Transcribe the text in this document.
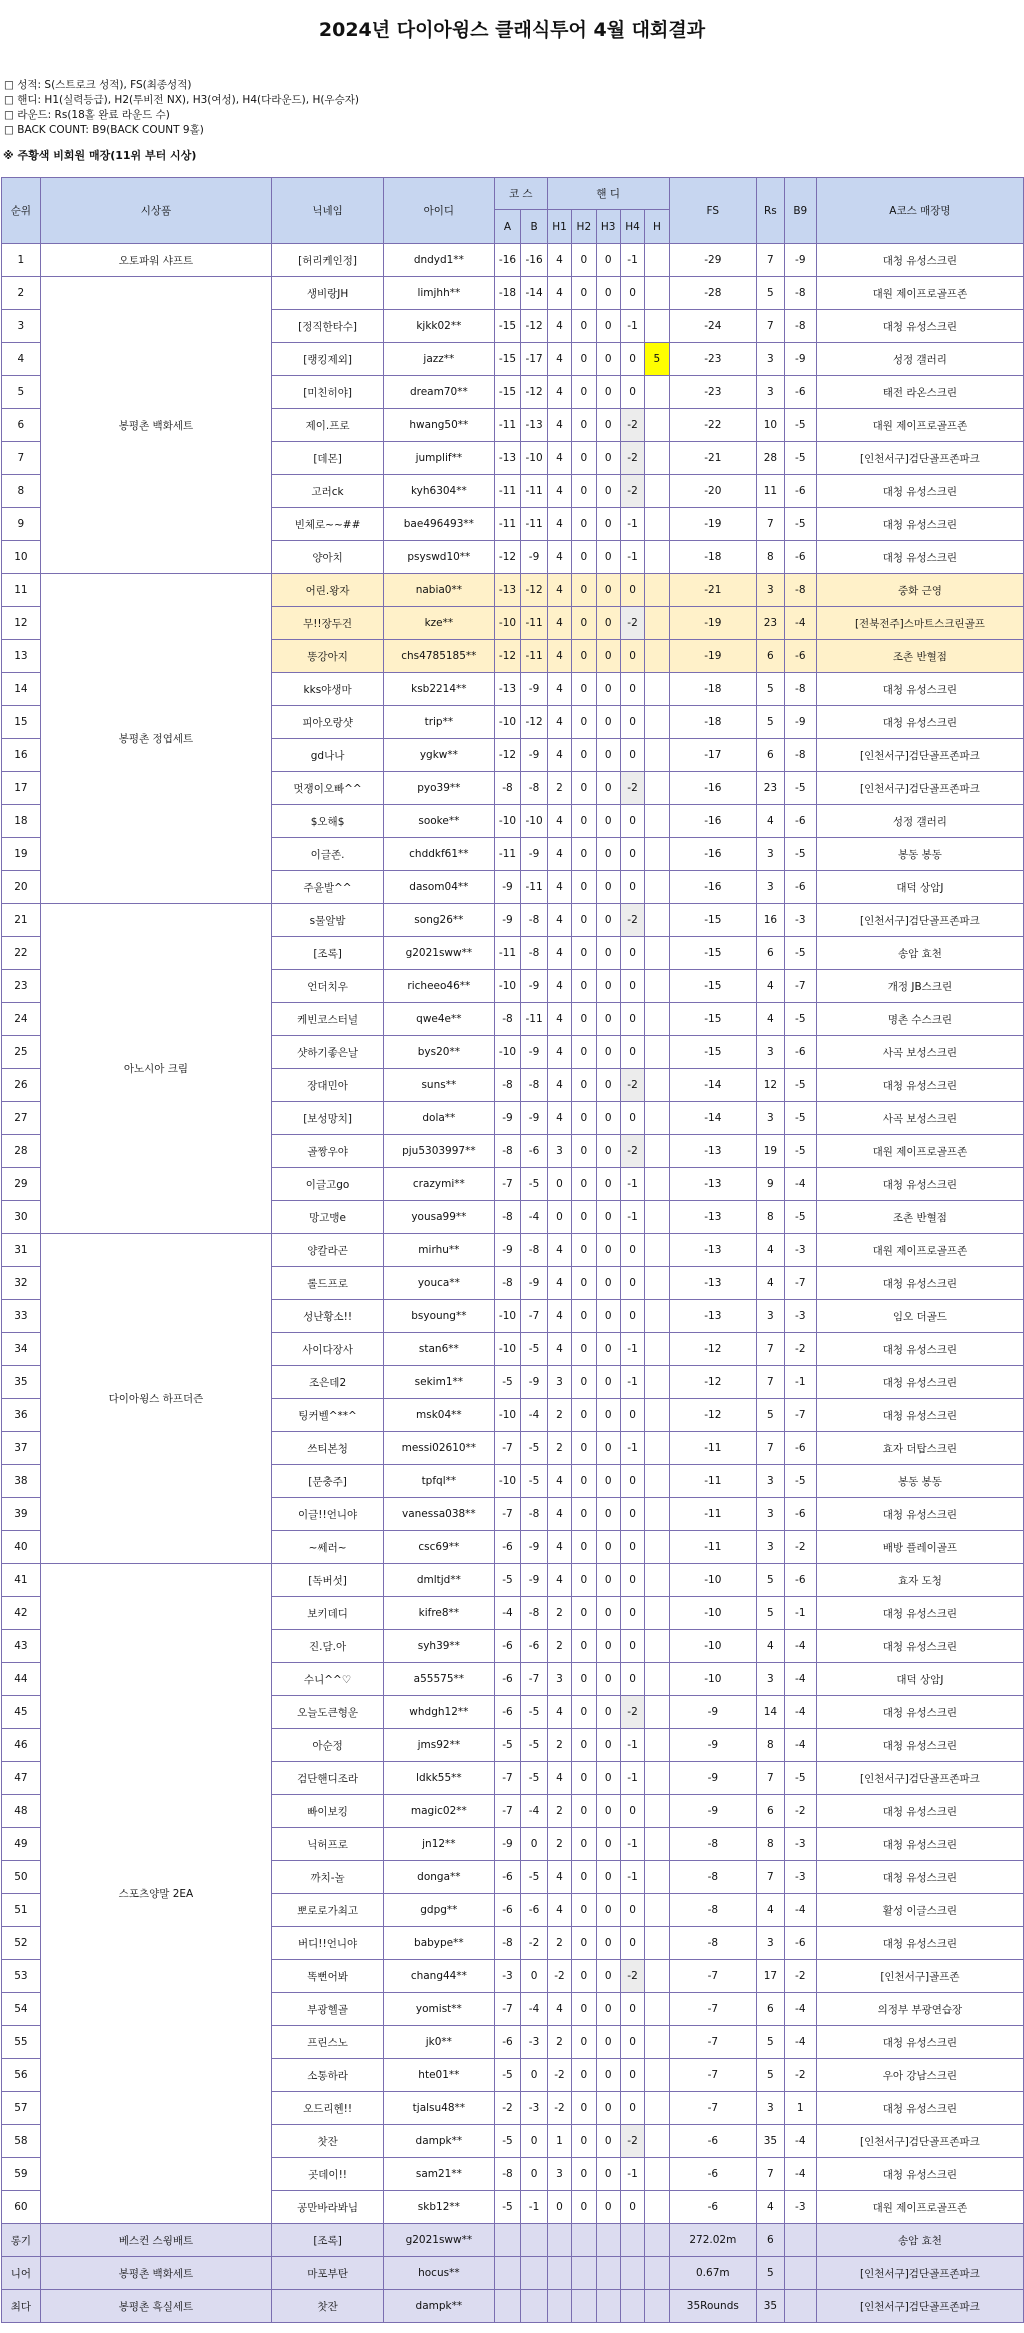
2024년 다이아윙스 클래식투어 4월 대회결과
□ 성적: S(스트로크 성적), FS(최종성적)
□ 핸디: H1(실력등급), H2(투비전 NX), H3(여성), H4(다라운드), H(우승자)
□ 라운드: Rs(18홀 완료 라운드 수)
□ BACK COUNT: B9(BACK COUNT 9홀)
※ 주황색 비회원 매장(11위 부터 시상)
순위	시상품	닉네임	아이디	코 스		핸 디					FS	Rs	B9	A코스 매장명
				A	B	H1	H2	H3	H4	H				
1	오토파워 샤프트	[허리케인정]	dndyd1**	-16	-16	4	0	0	-1		-29	7	-9	대청 유성스크린
2	봉평촌 백화세트	생비랑JH	limjhh**	-18	-14	4	0	0	0		-28	5	-8	대원 제이프로골프존
3		[정직한타수]	kjkk02**	-15	-12	4	0	0	-1		-24	7	-8	대청 유성스크린
4		[랭킹제외]	jazz**	-15	-17	4	0	0	0	5	-23	3	-9	성정 갤러리
5		[미친히야]	dream70**	-15	-12	4	0	0	0		-23	3	-6	태전 라온스크린
6		제이.프로	hwang50**	-11	-13	4	0	0	-2		-22	10	-5	대원 제이프로골프존
7		[데몬]	jumplif**	-13	-10	4	0	0	-2		-21	28	-5	[인천서구]검단골프존파크
8		고러ck	kyh6304**	-11	-11	4	0	0	-2		-20	11	-6	대청 유성스크린
9		빈체로~~##	bae496493**	-11	-11	4	0	0	-1		-19	7	-5	대청 유성스크린
10		양아치	psyswd10**	-12	-9	4	0	0	-1		-18	8	-6	대청 유성스크린
11	봉평촌 정엽세트	어린.왕자	nabia0**	-13	-12	4	0	0	0		-21	3	-8	중화 근영
12		무!!장두건	kze**	-10	-11	4	0	0	-2		-19	23	-4	[전북전주]스마트스크린골프
13		똥강아지	chs4785185**	-12	-11	4	0	0	0		-19	6	-6	조촌 반혈점
14		kks야생마	ksb2214**	-13	-9	4	0	0	0		-18	5	-8	대청 유성스크린
15		피아오랑샷	trip**	-10	-12	4	0	0	0		-18	5	-9	대청 유성스크린
16		gd나나	ygkw**	-12	-9	4	0	0	0		-17	6	-8	[인천서구]검단골프존파크
17		멋쟁이오빠^^	pyo39**	-8	-8	2	0	0	-2		-16	23	-5	[인천서구]검단골프존파크
18		$오해$	sooke**	-10	-10	4	0	0	0		-16	4	-6	성정 갤러리
19		이글존.	chddkf61**	-11	-9	4	0	0	0		-16	3	-5	봉동 봉동
20		주윤발^^	dasom04**	-9	-11	4	0	0	0		-16	3	-6	대덕 상암J
21	아노시아 크림	s물알밤	song26**	-9	-8	4	0	0	-2		-15	16	-3	[인천서구]검단골프존파크
22		[조록]	g2021sww**	-11	-8	4	0	0	0		-15	6	-5	송암 효천
23		언더치우	richeeo46**	-10	-9	4	0	0	0		-15	4	-7	개정 JB스크린
24		케빈코스터널	qwe4e**	-8	-11	4	0	0	0		-15	4	-5	명촌 수스크린
25		샷하기좋은날	bys20**	-10	-9	4	0	0	0		-15	3	-6	사곡 보성스크린
26		장대민아	suns**	-8	-8	4	0	0	-2		-14	12	-5	대청 유성스크린
27		[보성망치]	dola**	-9	-9	4	0	0	0		-14	3	-5	사곡 보성스크린
28		골짱우야	pju5303997**	-8	-6	3	0	0	-2		-13	19	-5	대원 제이프로골프존
29		이글고go	crazymi**	-7	-5	0	0	0	-1		-13	9	-4	대청 유성스크린
30		망고맹e	yousa99**	-8	-4	0	0	0	-1		-13	8	-5	조촌 반혈점
31	다이아윙스 하프더즌	양칼라곤	mirhu**	-9	-8	4	0	0	0		-13	4	-3	대원 제이프로골프존
32		롤드프로	youca**	-8	-9	4	0	0	0		-13	4	-7	대청 유성스크린
33		성난황소!!	bsyoung**	-10	-7	4	0	0	0		-13	3	-3	임오 더골드
34		사이다장사	stan6**	-10	-5	4	0	0	-1		-12	7	-2	대청 유성스크린
35		조은데2	sekim1**	-5	-9	3	0	0	-1		-12	7	-1	대청 유성스크린
36		팅커벨^**^	msk04**	-10	-4	2	0	0	0		-12	5	-7	대청 유성스크린
37		쓰티본청	messi02610**	-7	-5	2	0	0	-1		-11	7	-6	효자 더탑스크린
38		[문충주]	tpfql**	-10	-5	4	0	0	0		-11	3	-5	봉동 봉동
39		이글!!언니야	vanessa038**	-7	-8	4	0	0	0		-11	3	-6	대청 유성스크린
40		~쎄러~	csc69**	-6	-9	4	0	0	0		-11	3	-2	배방 플레이골프
41	스포츠양말 2EA	[독버섯]	dmltjd**	-5	-9	4	0	0	0		-10	5	-6	효자 도청
42		보키데디	kifre8**	-4	-8	2	0	0	0		-10	5	-1	대청 유성스크린
43		진.담.아	syh39**	-6	-6	2	0	0	0		-10	4	-4	대청 유성스크린
44		수니^^♡	a55575**	-6	-7	3	0	0	0		-10	3	-4	대덕 상암J
45		오늘도큰형운	whdgh12**	-6	-5	4	0	0	-2		-9	14	-4	대청 유성스크린
46		아순정	jms92**	-5	-5	2	0	0	-1		-9	8	-4	대청 유성스크린
47		검단핸디조라	ldkk55**	-7	-5	4	0	0	-1		-9	7	-5	[인천서구]검단골프존파크
48		빠이보킹	magic02**	-7	-4	2	0	0	0		-9	6	-2	대청 유성스크린
49		닉허프로	jn12**	-9	0	2	0	0	-1		-8	8	-3	대청 유성스크린
50		까치-놀	donga**	-6	-5	4	0	0	-1		-8	7	-3	대청 유성스크린
51		뽀로로가최고	gdpg**	-6	-6	4	0	0	0		-8	4	-4	활성 이글스크린
52		버디!!언니야	babype**	-8	-2	2	0	0	0		-8	3	-6	대청 유성스크린
53		똑뻔어봐	chang44**	-3	0	-2	0	0	-2		-7	17	-2	[인천서구]골프존
54		부광헬골	yomist**	-7	-4	4	0	0	0		-7	6	-4	의정부 부광연습장
55		프린스노	jk0**	-6	-3	2	0	0	0		-7	5	-4	대청 유성스크린
56		소통하라	hte01**	-5	0	-2	0	0	0		-7	5	-2	우아 강남스크린
57		오드리헨!!	tjalsu48**	-2	-3	-2	0	0	0		-7	3	1	대청 유성스크린
58		찻잔	dampk**	-5	0	1	0	0	-2		-6	35	-4	[인천서구]검단골프존파크
59		곳데이!!	sam21**	-8	0	3	0	0	-1		-6	7	-4	대청 유성스크린
60		공만바라봐님	skb12**	-5	-1	0	0	0	0		-6	4	-3	대원 제이프로골프존
롱기	베스컨 스윙배트	[조록]	g2021sww**								272.02m	6		송암 효천
니어	봉평촌 백화세트	마포부탄	hocus**								0.67m	5		[인천서구]검단골프존파크
최다	봉평촌 흑실세트	찻잔	dampk**								35Rounds	35		[인천서구]검단골프존파크
